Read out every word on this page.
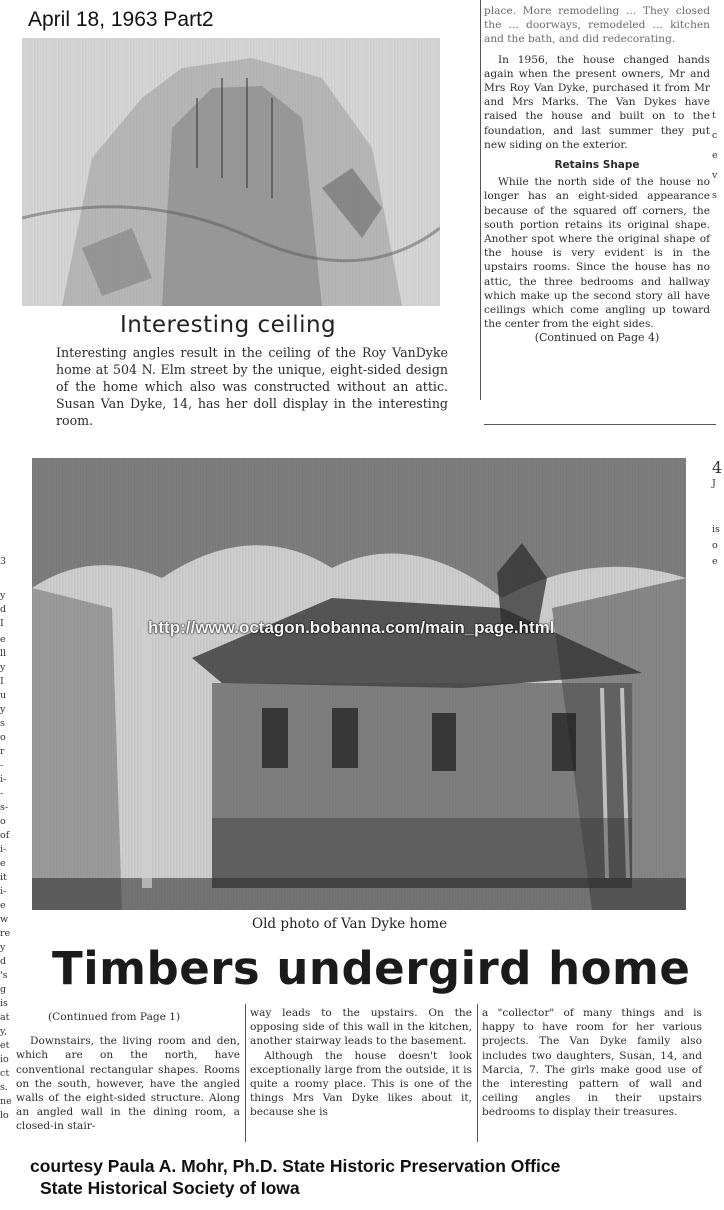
April 18, 1963 Part2
Interesting ceiling
Interesting angles result in the ceiling of the Roy VanDyke home at 504 N. Elm street by the unique, eight-sided design of the home which also was constructed without an attic. Susan Van Dyke, 14, has her doll display in the interesting room.

place. More remodeling ... They closed the ... doorways, remodeled ... kitchen and the bath, and did redecorating.

In 1956, the house changed hands again when the present owners, Mr and Mrs Roy Van Dyke, purchased it from Mr and Mrs Marks. The Van Dykes have raised the house and built on to the foundation, and last summer they put new siding on the exterior.

Retains Shape

While the north side of the house no longer has an eight-sided appearance because of the squared off corners, the south portion retains its original shape. Another spot where the original shape of the house is very evident is in the upstairs rooms. Since the house has no attic, the three bedrooms and hallway which make up the second story all have ceilings which come angling up toward the center from the eight sides.

(Continued on Page 4)
t
c
e
v
s
4
J
is
o
e
3
y
d
I
e
ll
y
I
u
y
s
o
r
-
i-
-
s-
o
of
i-
e
it
i-
e
w
re
y
d
's
g
is
at
y,
et
io
ct
s.
ne
lo
http://www.octagon.bobanna.com/main_page.html
Old photo of Van Dyke home
Timbers undergird home
(Continued from Page 1)

Downstairs, the living room and den, which are on the north, have conventional rectangular shapes. Rooms on the south, however, have the angled walls of the eight-sided structure. Along an angled wall in the dining room, a closed-in stair-

way leads to the upstairs. On the opposing side of this wall in the kitchen, another stairway leads to the basement.

Although the house doesn't look exceptionally large from the outside, it is quite a roomy place. This is one of the things Mrs Van Dyke likes about it, because she is

a "collector" of many things and is happy to have room for her various projects. The Van Dyke family also includes two daughters, Susan, 14, and Marcia, 7. The girls make good use of the interesting pattern of wall and ceiling angles in their upstairs bedrooms to display their treasures.

courtesy Paula A. Mohr, Ph.D. State Historic Preservation Office
State Historical Society of Iowa
